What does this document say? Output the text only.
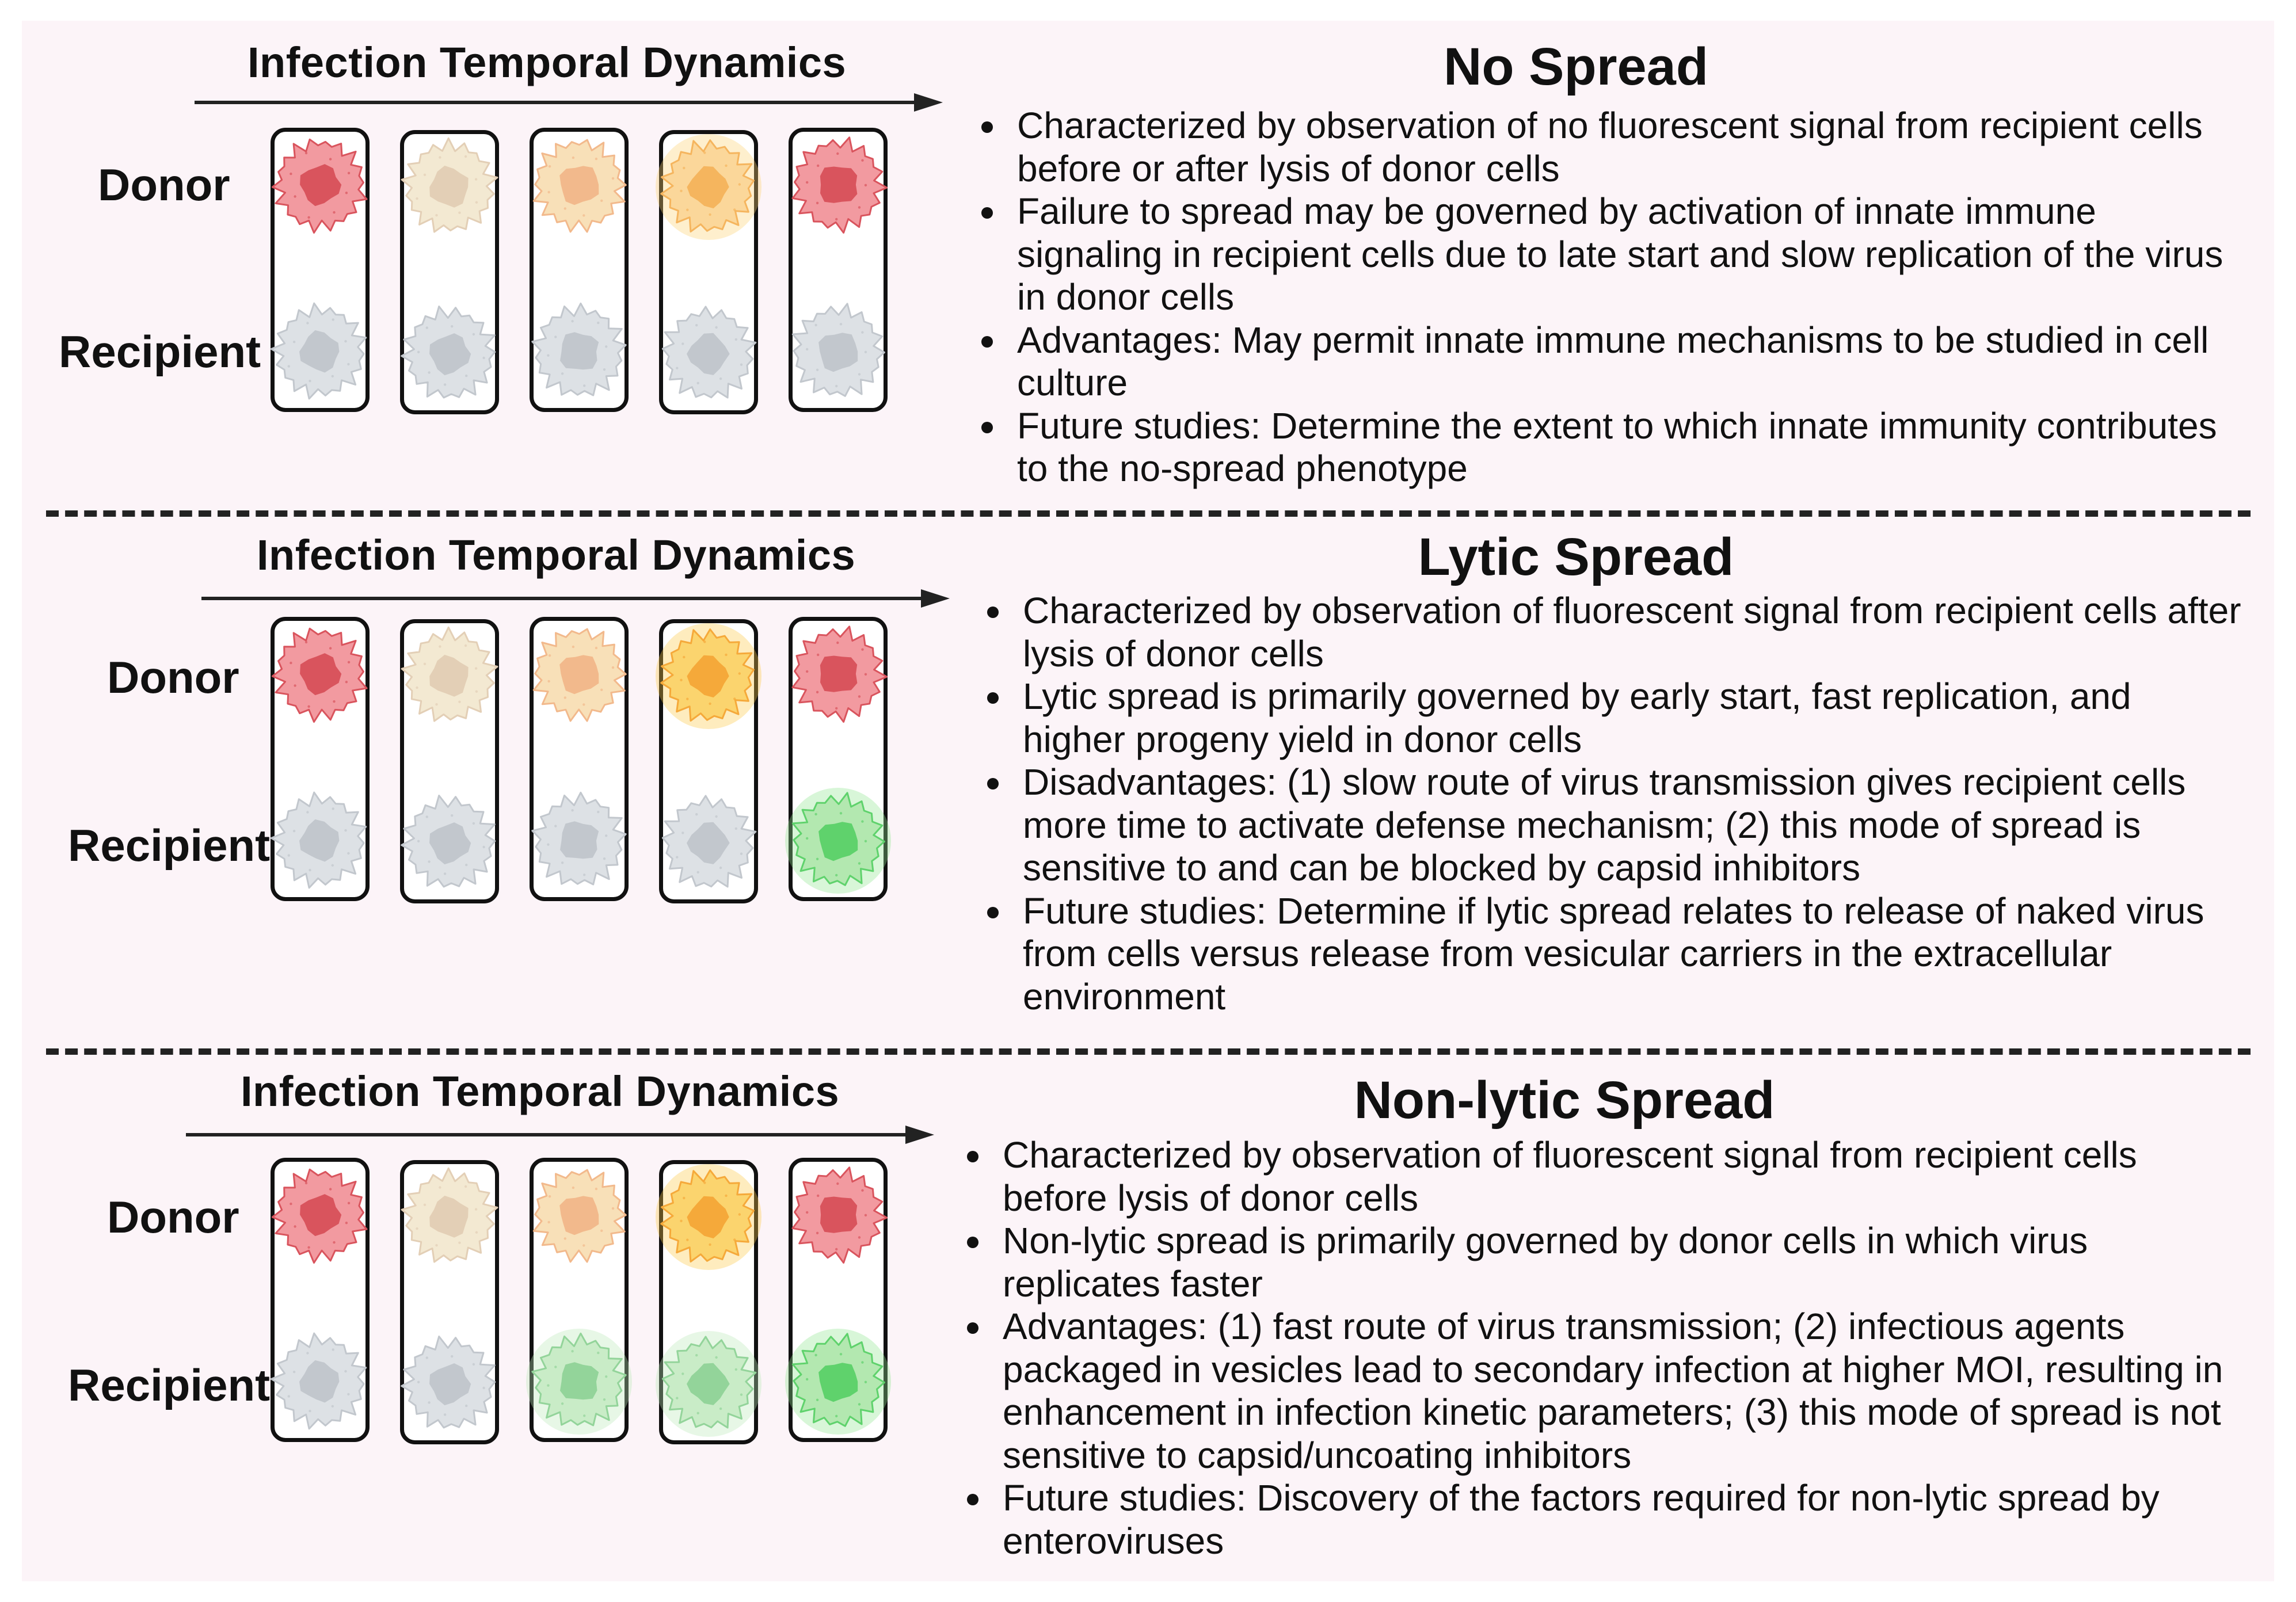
Infection Temporal Dynamics
Donor
Recipient
No Spread
Characterized by observation of no fluorescent signal from recipient cells before or after lysis of donor cells
Failure to spread may be governed by activation of innate immune signaling in recipient cells due to late start and slow replication of the virus in donor cells
Advantages: May permit innate immune mechanisms to be studied in cell culture
Future studies: Determine the extent to which innate immunity contributes to the no-spread phenotype
Infection Temporal Dynamics
Donor
Recipient
Lytic Spread
Characterized by observation of fluorescent signal from recipient cells after lysis of donor cells
Lytic spread is primarily governed by early start, fast replication, and higher progeny yield in donor cells
Disadvantages: (1) slow route of virus transmission gives recipient cells more time to activate defense mechanism; (2) this mode of spread is sensitive to and can be blocked by capsid inhibitors
Future studies: Determine if lytic spread relates to release of naked virus from cells versus release from vesicular carriers in the extracellular environment
Infection Temporal Dynamics
Donor
Recipient
Non-lytic Spread
Characterized by observation of fluorescent signal from recipient cells before lysis of donor cells
Non-lytic spread is primarily governed by donor cells in which virus replicates faster
Advantages: (1) fast route of virus transmission; (2) infectious agents packaged in vesicles lead to secondary infection at higher MOI, resulting in enhancement in infection kinetic parameters; (3) this mode of spread is not sensitive to capsid/uncoating inhibitors
Future studies: Discovery of the factors required for non-lytic spread by enteroviruses
